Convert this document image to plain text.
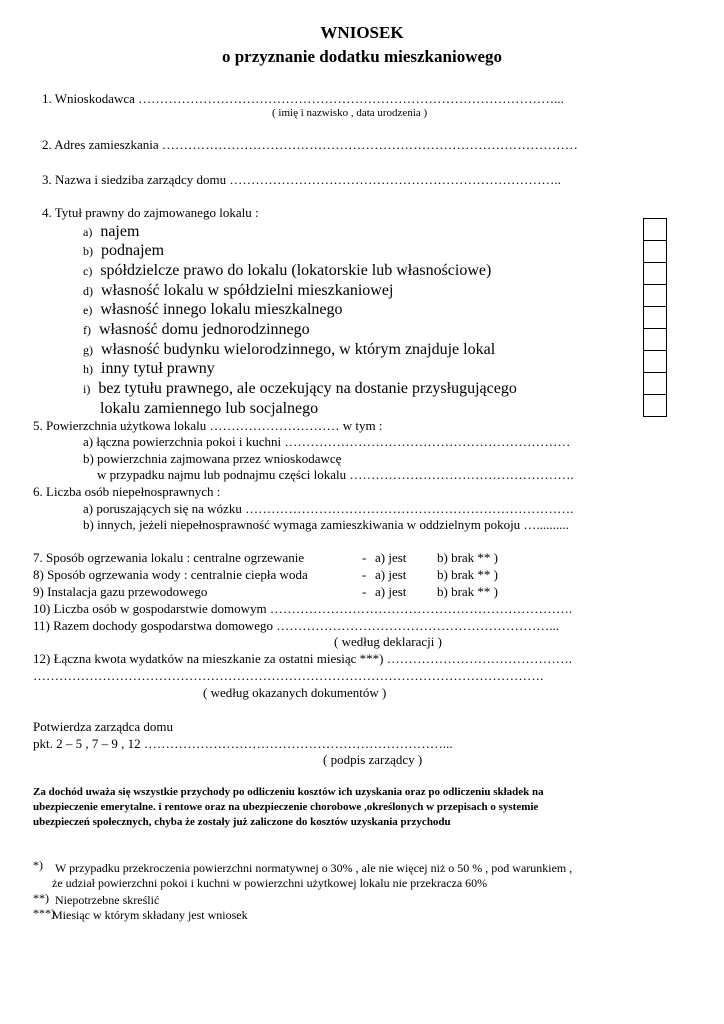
WNIOSEK
o przyznanie dodatku mieszkaniowego
1. Wnioskodawca ……………………………………………………………………………………...
( imię i nazwisko , data urodzenia )
2. Adres zamieszkania ……………………………………………………………………………………
3. Nazwa i siedziba zarządcy domu …………………………………………………………………..
4. Tytuł prawny do zajmowanego lokalu :
a) najem
b) podnajem
c) spółdzielcze prawo do lokalu (lokatorskie lub własnościowe)
d) własność lokalu w spółdzielni mieszkaniowej
e) własność innego lokalu mieszkalnego
f) własność domu jednorodzinnego
g) własność budynku wielorodzinnego, w którym znajduje lokal
h) inny tytuł prawny
i) bez tytułu prawnego, ale oczekujący na dostanie przysługującego
lokalu zamiennego lub socjalnego
5. Powierzchnia użytkowa lokalu ………………………… w tym :
a) łączna powierzchnia pokoi i kuchni …………………………………………………………
b) powierzchnia zajmowana przez wnioskodawcę
w przypadku najmu lub podnajmu części lokalu …………………………………………….
6. Liczba osób niepełnosprawnych :
a) poruszających się na wózku ………………………………………………………………….
b) innych, jeżeli niepełnosprawność wymaga zamieszkiwania w oddzielnym pokoju …..........
7. Sposób ogrzewania lokalu : centralne ogrzewanie	- a) jest b) brak ** )
8) Sposób ogrzewania wody : centralnie ciepła woda	- a) jest b) brak ** )
9) Instalacja gazu przewodowego	- a) jest b) brak ** )
10) Liczba osób w gospodarstwie domowym …………………………………………………………….
11) Razem dochody gospodarstwa domowego ………………………………………………………...
( według deklaracji )
12) Łączna kwota wydatków na mieszkanie za ostatni miesiąc ***) …………………………………….
……………………………………………………………………………………………………….
( według okazanych dokumentów )
Potwierdza zarządca domu
pkt. 2 – 5 , 7 – 9 , 12 ……………………………………………………………...
( podpis zarządcy )
Za dochód uważa się wszystkie przychody po odliczeniu kosztów ich uzyskania oraz po odliczeniu składek na
ubezpieczenie emerytalne. i rentowe oraz na ubezpieczenie chorobowe ,określonych w przepisach o systemie
ubezpieczeń społecznych, chyba że zostały już zaliczone do kosztów uzyskania przychodu
*) W przypadku przekroczenia powierzchni normatywnej o 30% , ale nie więcej niż o 50 % , pod warunkiem ,
że udział powierzchni pokoi i kuchni w powierzchni użytkowej lokalu nie przekracza 60%
**) Niepotrzebne skreślić
***)
Miesiąc w którym składany jest wniosek
